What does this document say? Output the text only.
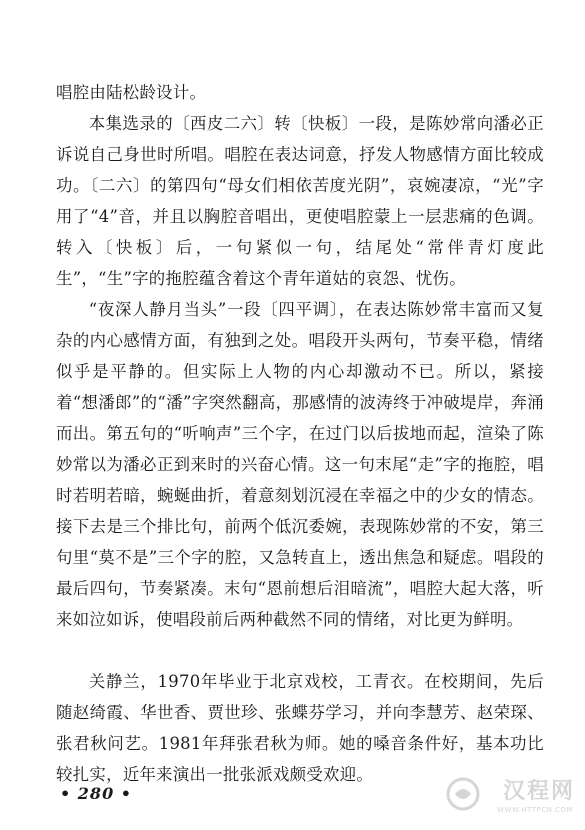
唱腔由陆松龄设计。

本集选录的〔西皮二六〕转〔快板〕一段，是陈妙常向潘必正诉说自己身世时所唱。唱腔在表达词意，抒发人物感情方面比较成功。〔二六〕的第四句“母女们相依苦度光阴”，哀婉凄凉，“光”字用了“4”音，并且以胸腔音唱出，更使唱腔蒙上一层悲痛的色调。转入〔快板〕后，一句紧似一句，结尾处“常伴青灯度此生”，“生”字的拖腔蕴含着这个青年道姑的哀怨、忧伤。

“夜深人静月当头”一段〔四平调〕，在表达陈妙常丰富而又复杂的内心感情方面，有独到之处。唱段开头两句，节奏平稳，情绪似乎是平静的。但实际上人物的内心却激动不已。所以，紧接着“想潘郎”的“潘”字突然翻高，那感情的波涛终于冲破堤岸，奔涌而出。第五句的“听响声”三个字，在过门以后拔地而起，渲染了陈妙常以为潘必正到来时的兴奋心情。这一句末尾“走”字的拖腔，唱时若明若暗，蜿蜒曲折，着意刻划沉浸在幸福之中的少女的情态。接下去是三个排比句，前两个低沉委婉，表现陈妙常的不安，第三句里“莫不是”三个字的腔，又急转直上，透出焦急和疑虑。唱段的最后四句，节奏紧凑。末句“恩前想后泪暗流”，唱腔大起大落，听来如泣如诉，使唱段前后两种截然不同的情绪，对比更为鲜明。

关静兰，1970年毕业于北京戏校，工青衣。在校期间，先后随赵绮霞、华世香、贾世珍、张蝶芬学习，并向李慧芳、赵荣琛、张君秋问艺。1981年拜张君秋为师。她的嗓音条件好，基本功比较扎实，近年来演出一批张派戏颇受欢迎。

• 280 •	汉程网
WWW.HTTPCN.COM
